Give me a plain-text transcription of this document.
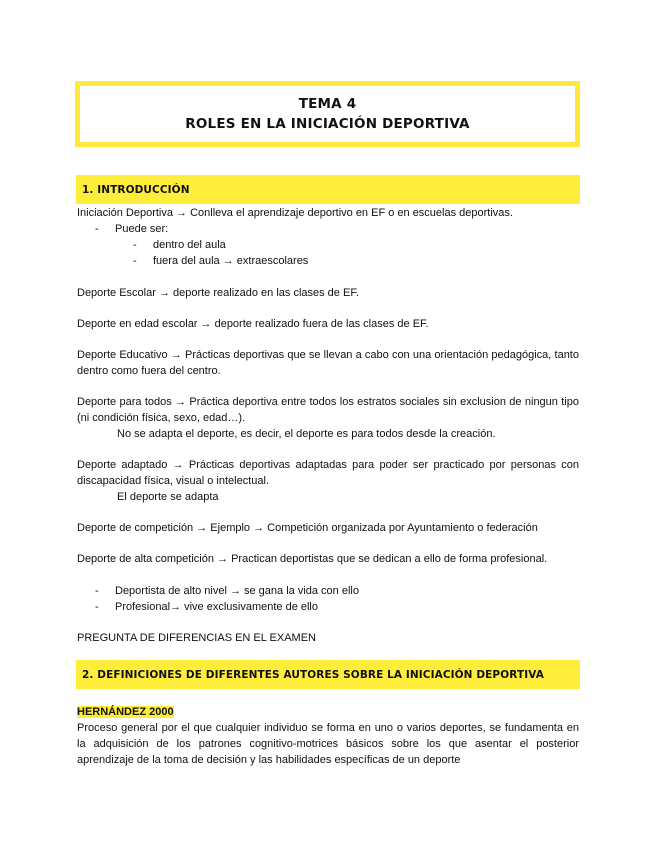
TEMA 4
ROLES EN LA INICIACIÓN DEPORTIVA
1. INTRODUCCIÓN
Iniciación Deportiva → Conlleva el aprendizaje deportivo en EF o en escuelas deportivas.
- Puede ser:
- dentro del aula
- fuera del aula → extraescolares
Deporte Escolar → deporte realizado en las clases de EF.
Deporte en edad escolar → deporte realizado fuera de las clases de EF.
Deporte Educativo → Prácticas deportivas que se llevan a cabo con una orientación pedagógica, tanto dentro como fuera del centro.
Deporte para todos → Práctica deportiva entre todos los estratos sociales sin exclusion de ningun tipo (ni condición física, sexo, edad…).
No se adapta el deporte, es decir, el deporte es para todos desde la creación.
Deporte adaptado → Prácticas deportivas adaptadas para poder ser practicado por personas con discapacidad física, visual o intelectual.
El deporte se adapta
Deporte de competición → Ejemplo → Competición organizada por Ayuntamiento o federación
Deporte de alta competición → Practican deportistas que se dedican a ello de forma profesional.
- Deportista de alto nivel → se gana la vida con ello
- Profesional→ vive exclusivamente de ello
PREGUNTA DE DIFERENCIAS EN EL EXAMEN
2. DEFINICIONES DE DIFERENTES AUTORES SOBRE LA INICIACIÓN DEPORTIVA
HERNÁNDEZ 2000
Proceso general por el que cualquier individuo se forma en uno o varios deportes, se fundamenta en la adquisición de los patrones cognitivo-motrices básicos sobre los que asentar el posterior aprendizaje de la toma de decisión y las habilidades específicas de un deporte
